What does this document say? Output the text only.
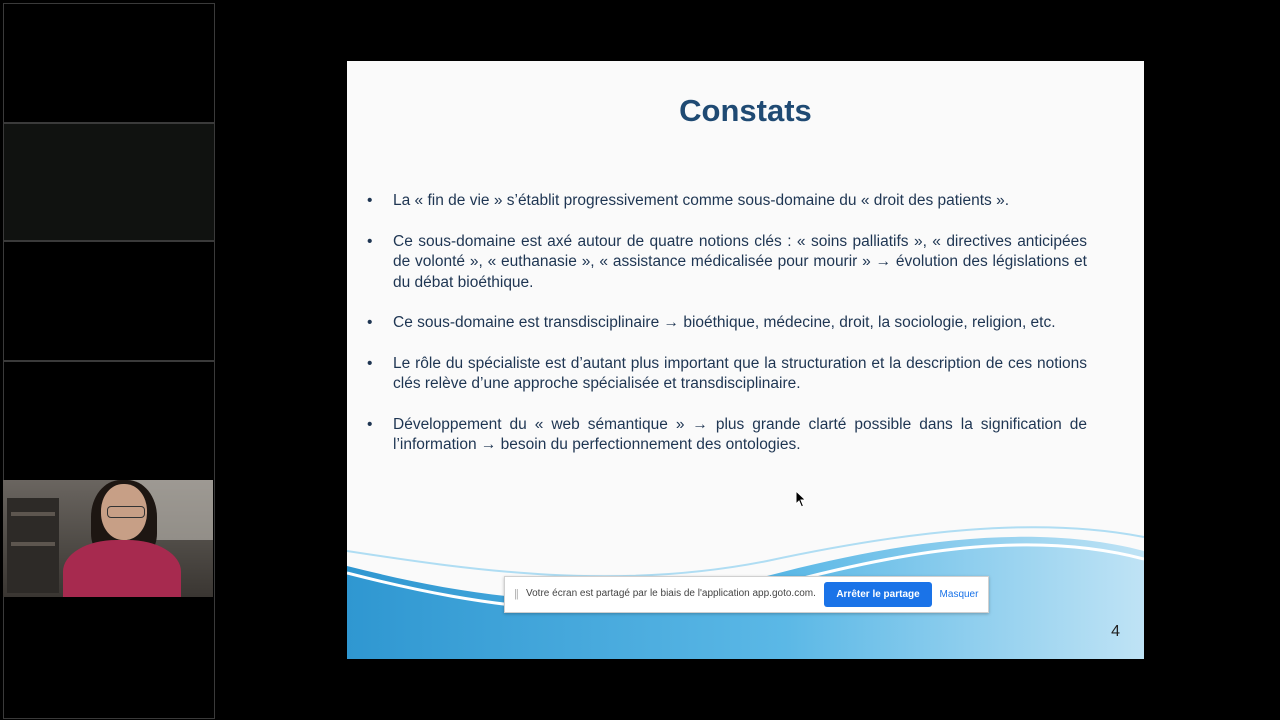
Constats
• La « fin de vie » s’établit progressivement comme sous-domaine du « droit des patients ».
• Ce sous-domaine est axé autour de quatre notions clés : « soins palliatifs », « directives anticipées de volonté », « euthanasie », « assistance médicalisée pour mourir » → évolution des législations et du débat bioéthique.
• Ce sous-domaine est transdisciplinaire → bioéthique, médecine, droit, la sociologie, religion, etc.
• Le rôle du spécialiste est d’autant plus important que la structuration et la description de ces notions clés relève d’une approche spécialisée et transdisciplinaire.
• Développement du « web sémantique » → plus grande clarté possible dans la signification de l’information → besoin du perfectionnement des ontologies.
4
|| Votre écran est partagé par le biais de l'application app.goto.com.	Arrêter le partage	Masquer
